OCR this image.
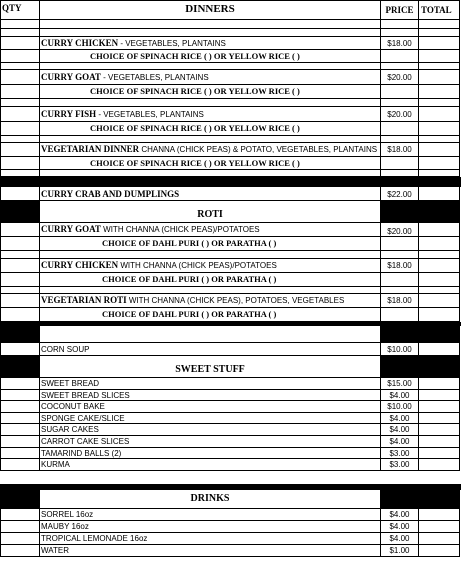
QTY	DINNERS	PRICE TOTAL
CURRY CHICKEN - VEGETABLES, PLANTAINS	$18.00
CHOICE OF SPINACH RICE ( ) OR YELLOW RICE ( )
CURRY GOAT - VEGETABLES, PLANTAINS	$20.00
CHOICE OF SPINACH RICE ( ) OR YELLOW RICE ( )
CURRY FISH - VEGETABLES, PLANTAINS	$20.00
CHOICE OF SPINACH RICE ( ) OR YELLOW RICE ( )
VEGETARIAN DINNER CHANNA (CHICK PEAS) & POTATO, VEGETABLES, PLANTAINS	$18.00
CHOICE OF SPINACH RICE ( ) OR YELLOW RICE ( )
CURRY CRAB AND DUMPLINGS	$22.00
ROTI
CURRY GOAT WITH CHANNA (CHICK PEAS)/POTATOES	$20.00
CHOICE OF DAHL PURI ( ) OR PARATHA ( )
CURRY CHICKEN WITH CHANNA (CHICK PEAS)/POTATOES	$18.00
CHOICE OF DAHL PURI ( ) OR PARATHA ( )
VEGETARIAN ROTI WITH CHANNA (CHICK PEAS), POTATOES, VEGETABLES	$18.00
CHOICE OF DAHL PURI ( ) OR PARATHA ( )
CORN SOUP	$10.00
SWEET STUFF
SWEET BREAD	$15.00
SWEET BREAD SLICES	$4.00
COCONUT BAKE	$10.00
SPONGE CAKE/SLICE	$4.00
SUGAR CAKES	$4.00
CARROT CAKE SLICES	$4.00
TAMARIND BALLS (2)	$3.00
KURMA	$3.00
DRINKS
SORREL 16oz	$4.00
MAUBY 16oz	$4.00
TROPICAL LEMONADE 16oz	$4.00
WATER	$1.00
